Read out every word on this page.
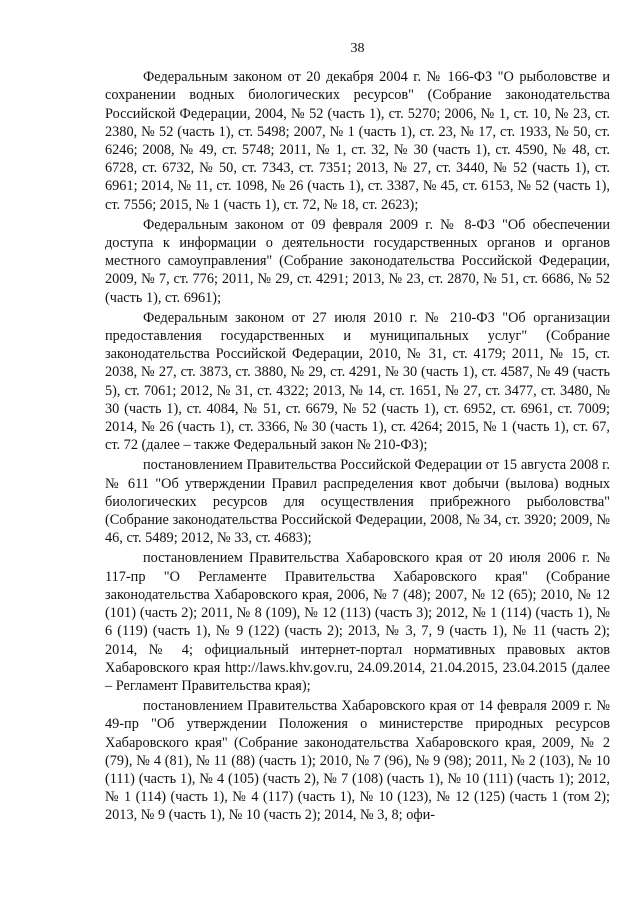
38

Федеральным законом от 20 декабря 2004 г. № 166-ФЗ "О рыболовстве и сохранении водных биологических ресурсов" (Собрание законодательства Российской Федерации, 2004, № 52 (часть 1), ст. 5270; 2006, № 1, ст. 10, № 23, ст. 2380, № 52 (часть 1), ст. 5498; 2007, № 1 (часть 1), ст. 23, № 17, ст. 1933, № 50, ст. 6246; 2008, № 49, ст. 5748; 2011, № 1, ст. 32, № 30 (часть 1), ст. 4590, № 48, ст. 6728, ст. 6732, № 50, ст. 7343, ст. 7351; 2013, № 27, ст. 3440, № 52 (часть 1), ст. 6961; 2014, № 11, ст. 1098, № 26 (часть 1), ст. 3387, № 45, ст. 6153, № 52 (часть 1), ст. 7556; 2015, № 1 (часть 1), ст. 72, № 18, ст. 2623);

Федеральным законом от 09 февраля 2009 г. № 8-ФЗ "Об обеспечении доступа к информации о деятельности государственных органов и органов местного самоуправления" (Собрание законодательства Российской Федерации, 2009, № 7, ст. 776; 2011, № 29, ст. 4291; 2013, № 23, ст. 2870, № 51, ст. 6686, № 52 (часть 1), ст. 6961);

Федеральным законом от 27 июля 2010 г. № 210-ФЗ "Об организации предоставления государственных и муниципальных услуг" (Собрание законодательства Российской Федерации, 2010, № 31, ст. 4179; 2011, № 15, ст. 2038, № 27, ст. 3873, ст. 3880, № 29, ст. 4291, № 30 (часть 1), ст. 4587, № 49 (часть 5), ст. 7061; 2012, № 31, ст. 4322; 2013, № 14, ст. 1651, № 27, ст. 3477, ст. 3480, № 30 (часть 1), ст. 4084, № 51, ст. 6679, № 52 (часть 1), ст. 6952, ст. 6961, ст. 7009; 2014, № 26 (часть 1), ст. 3366, № 30 (часть 1), ст. 4264; 2015, № 1 (часть 1), ст. 67, ст. 72 (далее – также Федеральный закон № 210-ФЗ);

постановлением Правительства Российской Федерации от 15 августа 2008 г. № 611 "Об утверждении Правил распределения квот добычи (вылова) водных биологических ресурсов для осуществления прибрежного рыболовства" (Собрание законодательства Российской Федерации, 2008, № 34, ст. 3920; 2009, № 46, ст. 5489; 2012, № 33, ст. 4683);

постановлением Правительства Хабаровского края от 20 июля 2006 г. № 117-пр "О Регламенте Правительства Хабаровского края" (Собрание законодательства Хабаровского края, 2006, № 7 (48); 2007, № 12 (65); 2010, № 12 (101) (часть 2); 2011, № 8 (109), № 12 (113) (часть 3); 2012, № 1 (114) (часть 1), № 6 (119) (часть 1), № 9 (122) (часть 2); 2013, № 3, 7, 9 (часть 1), № 11 (часть 2); 2014, № 4; официальный интернет-портал нормативных правовых актов Хабаровского края http://laws.khv.gov.ru, 24.09.2014, 21.04.2015, 23.04.2015 (далее – Регламент Правительства края);

постановлением Правительства Хабаровского края от 14 февраля 2009 г. № 49-пр "Об утверждении Положения о министерстве природных ресурсов Хабаровского края" (Собрание законодательства Хабаровского края, 2009, № 2 (79), № 4 (81), № 11 (88) (часть 1); 2010, № 7 (96), № 9 (98); 2011, № 2 (103), № 10 (111) (часть 1), № 4 (105) (часть 2), № 7 (108) (часть 1), № 10 (111) (часть 1); 2012, № 1 (114) (часть 1), № 4 (117) (часть 1), № 10 (123), № 12 (125) (часть 1 (том 2); 2013, № 9 (часть 1), № 10 (часть 2); 2014, № 3, 8; офи-
